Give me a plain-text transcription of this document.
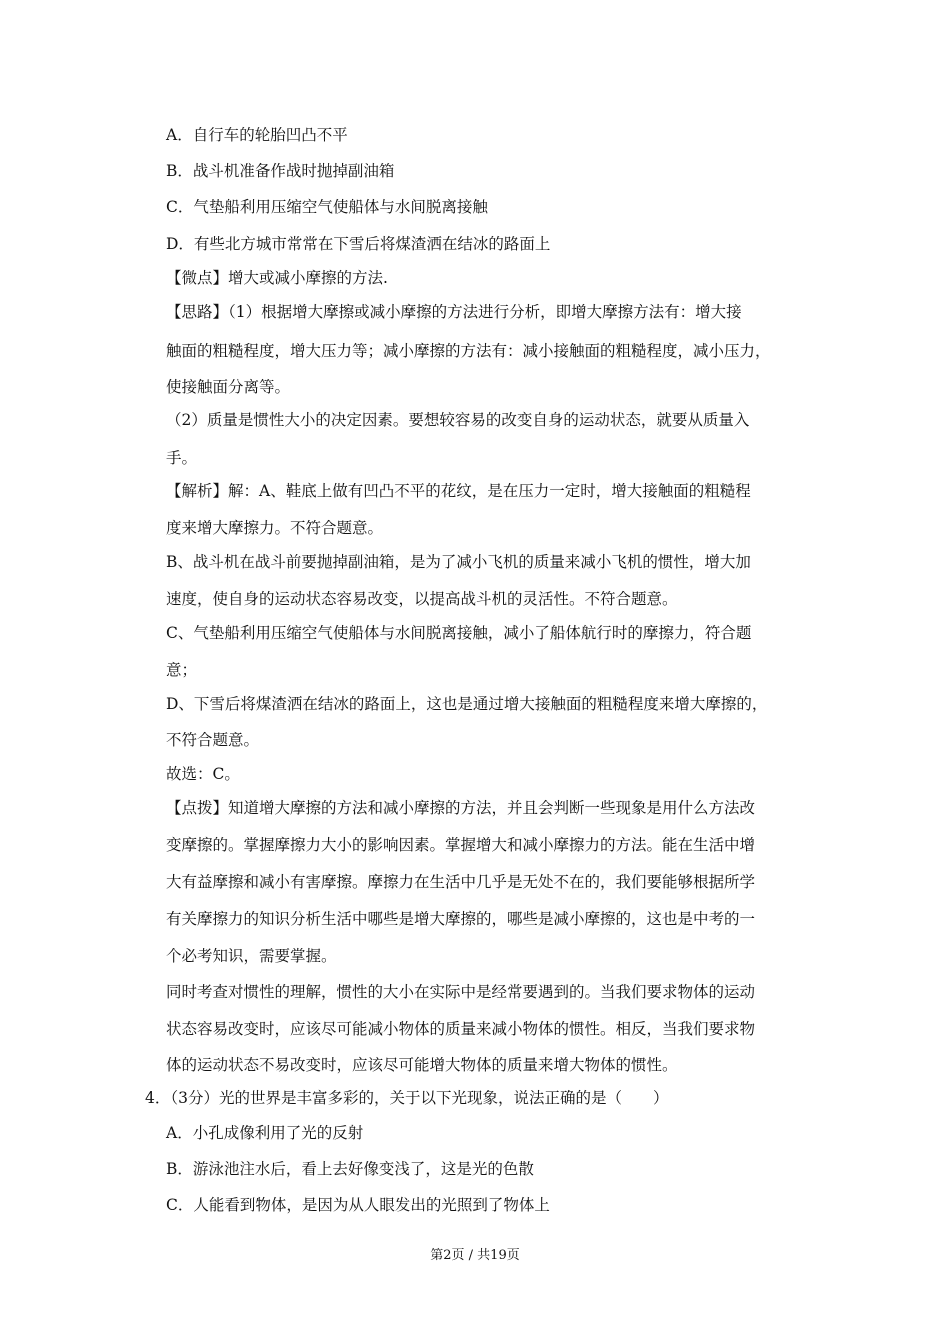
A．自行车的轮胎凹凸不平
B．战斗机准备作战时抛掉副油箱
C．气垫船利用压缩空气使船体与水间脱离接触
D．有些北方城市常常在下雪后将煤渣洒在结冰的路面上
【微点】增大或减小摩擦的方法.
【思路】（1）根据增大摩擦或减小摩擦的方法进行分析，即增大摩擦方法有：增大接
触面的粗糙程度，增大压力等；减小摩擦的方法有：减小接触面的粗糙程度，减小压力，
使接触面分离等。
（2）质量是惯性大小的决定因素。要想较容易的改变自身的运动状态，就要从质量入
手。
【解析】解：A、鞋底上做有凹凸不平的花纹，是在压力一定时，增大接触面的粗糙程
度来增大摩擦力。不符合题意。
B、战斗机在战斗前要抛掉副油箱，是为了减小飞机的质量来减小飞机的惯性，增大加
速度，使自身的运动状态容易改变，以提高战斗机的灵活性。不符合题意。
C、气垫船利用压缩空气使船体与水间脱离接触，减小了船体航行时的摩擦力，符合题
意；
D、下雪后将煤渣洒在结冰的路面上，这也是通过增大接触面的粗糙程度来增大摩擦的，
不符合题意。
故选：C。
【点拨】知道增大摩擦的方法和减小摩擦的方法，并且会判断一些现象是用什么方法改
变摩擦的。掌握摩擦力大小的影响因素。掌握增大和减小摩擦力的方法。能在生活中增
大有益摩擦和减小有害摩擦。摩擦力在生活中几乎是无处不在的，我们要能够根据所学
有关摩擦力的知识分析生活中哪些是增大摩擦的，哪些是减小摩擦的，这也是中考的一
个必考知识，需要掌握。
同时考查对惯性的理解，惯性的大小在实际中是经常要遇到的。当我们要求物体的运动
状态容易改变时，应该尽可能减小物体的质量来减小物体的惯性。相反，当我们要求物
体的运动状态不易改变时，应该尽可能增大物体的质量来增大物体的惯性。
4．（3分）光的世界是丰富多彩的，关于以下光现象，说法正确的是（　　）
A．小孔成像利用了光的反射
B．游泳池注水后，看上去好像变浅了，这是光的色散
C．人能看到物体，是因为从人眼发出的光照到了物体上
第2页 / 共19页
